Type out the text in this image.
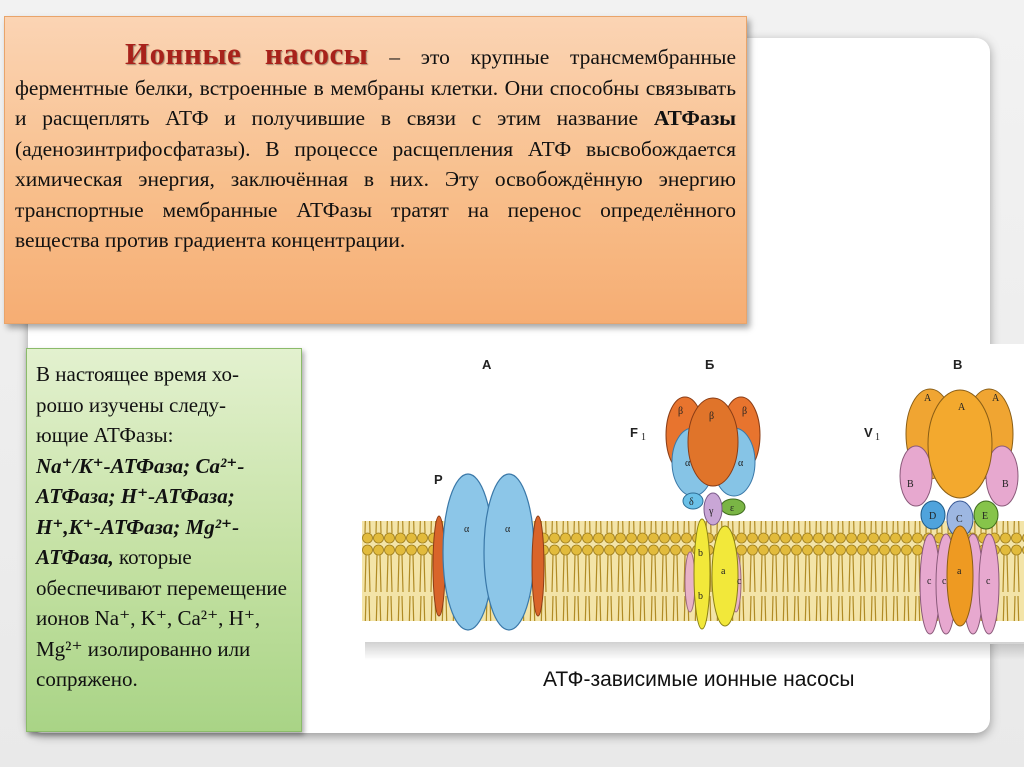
Ионные насосы – это крупные трансмембранные ферментные белки, встроенные в мембраны клетки. Они способны связывать и расщеплять АТФ и получившие в связи с этим название АТФазы (аденозинтрифосфатазы). В процессе расщепления АТФ высвобождается химическая энергия, заключённая в них. Эту освобождённую энергию транспортные мембранные АТФазы тратят на перенос определённого вещества против градиента концентрации.
В настоящее время хо-
рошо изучены следу-
ющие АТФазы:
Na⁺/K⁺-АТФаза; Ca²⁺-АТФаза; H⁺-АТФаза; H⁺,K⁺-АТФаза; Mg²⁺-АТФаза, которые обеспечивают перемещение ионов Na⁺, K⁺, Ca²⁺, H⁺, Mg²⁺ изолированно или сопряжено.
А
P
α	α
Б
F 1
β
β	β
α	α
γ
δ
ε
b
b
a
c
В
V 1
A
A	A
B	B
D C E
c c
a
c
АТФ-зависимые ионные насосы
